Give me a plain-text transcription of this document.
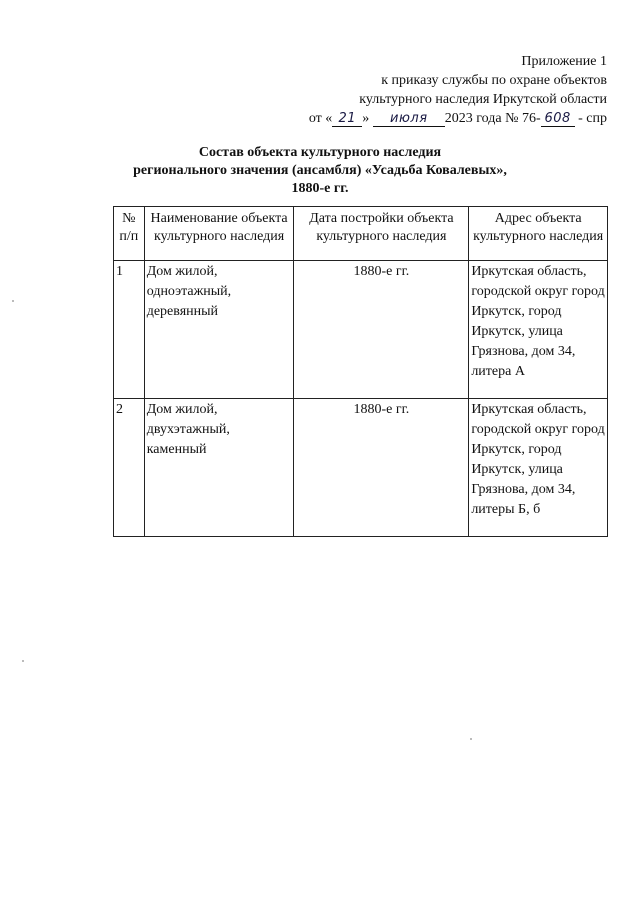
Приложение 1
к приказу службы по охране объектов
культурного наследия Иркутской области
от « 21 » июля 2023 года № 76- 608 - спр
Состав объекта культурного наследия
регионального значения (ансамбля) «Усадьба Ковалевых»,
1880-е гг.
№ п/п	Наименование объекта культурного наследия	Дата постройки объекта культурного наследия	Адрес объекта культурного наследия
1	Дом жилой, одноэтажный, деревянный	1880-е гг.	Иркутская область, городской округ город Иркутск, город Иркутск, улица Грязнова, дом 34, литера А
2	Дом жилой, двухэтажный, каменный	1880-е гг.	Иркутская область, городской округ город Иркутск, город Иркутск, улица Грязнова, дом 34, литеры Б, б
